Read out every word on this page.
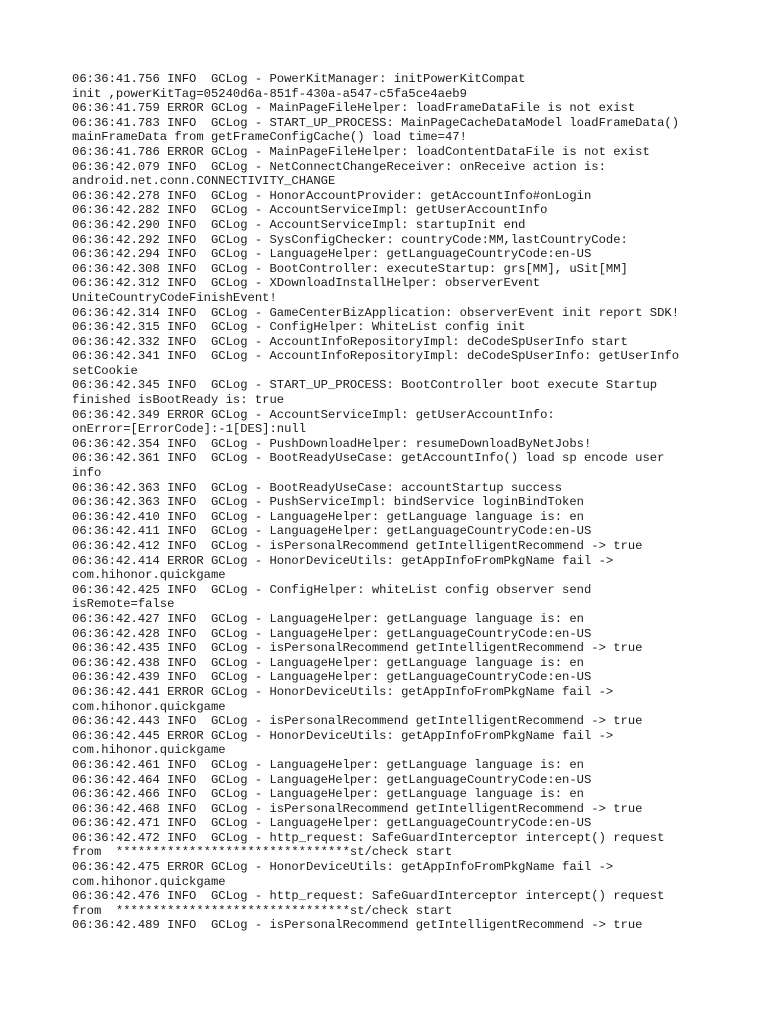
06:36:41.756 INFO  GCLog - PowerKitManager: initPowerKitCompat
init ,powerKitTag=05240d6a-851f-430a-a547-c5fa5ce4aeb9
06:36:41.759 ERROR GCLog - MainPageFileHelper: loadFrameDataFile is not exist
06:36:41.783 INFO  GCLog - START_UP_PROCESS: MainPageCacheDataModel loadFrameData()
mainFrameData from getFrameConfigCache() load time=47!
06:36:41.786 ERROR GCLog - MainPageFileHelper: loadContentDataFile is not exist
06:36:42.079 INFO  GCLog - NetConnectChangeReceiver: onReceive action is:
android.net.conn.CONNECTIVITY_CHANGE
06:36:42.278 INFO  GCLog - HonorAccountProvider: getAccountInfo#onLogin
06:36:42.282 INFO  GCLog - AccountServiceImpl: getUserAccountInfo
06:36:42.290 INFO  GCLog - AccountServiceImpl: startupInit end
06:36:42.292 INFO  GCLog - SysConfigChecker: countryCode:MM,lastCountryCode:
06:36:42.294 INFO  GCLog - LanguageHelper: getLanguageCountryCode:en-US
06:36:42.308 INFO  GCLog - BootController: executeStartup: grs[MM], uSit[MM]
06:36:42.312 INFO  GCLog - XDownloadInstallHelper: observerEvent
UniteCountryCodeFinishEvent!
06:36:42.314 INFO  GCLog - GameCenterBizApplication: observerEvent init report SDK!
06:36:42.315 INFO  GCLog - ConfigHelper: WhiteList config init
06:36:42.332 INFO  GCLog - AccountInfoRepositoryImpl: deCodeSpUserInfo start
06:36:42.341 INFO  GCLog - AccountInfoRepositoryImpl: deCodeSpUserInfo: getUserInfo
setCookie
06:36:42.345 INFO  GCLog - START_UP_PROCESS: BootController boot execute Startup
finished isBootReady is: true
06:36:42.349 ERROR GCLog - AccountServiceImpl: getUserAccountInfo:
onError=[ErrorCode]:-1[DES]:null
06:36:42.354 INFO  GCLog - PushDownloadHelper: resumeDownloadByNetJobs!
06:36:42.361 INFO  GCLog - BootReadyUseCase: getAccountInfo() load sp encode user
info
06:36:42.363 INFO  GCLog - BootReadyUseCase: accountStartup success
06:36:42.363 INFO  GCLog - PushServiceImpl: bindService loginBindToken
06:36:42.410 INFO  GCLog - LanguageHelper: getLanguage language is: en
06:36:42.411 INFO  GCLog - LanguageHelper: getLanguageCountryCode:en-US
06:36:42.412 INFO  GCLog - isPersonalRecommend getIntelligentRecommend -> true
06:36:42.414 ERROR GCLog - HonorDeviceUtils: getAppInfoFromPkgName fail ->
com.hihonor.quickgame
06:36:42.425 INFO  GCLog - ConfigHelper: whiteList config observer send
isRemote=false
06:36:42.427 INFO  GCLog - LanguageHelper: getLanguage language is: en
06:36:42.428 INFO  GCLog - LanguageHelper: getLanguageCountryCode:en-US
06:36:42.435 INFO  GCLog - isPersonalRecommend getIntelligentRecommend -> true
06:36:42.438 INFO  GCLog - LanguageHelper: getLanguage language is: en
06:36:42.439 INFO  GCLog - LanguageHelper: getLanguageCountryCode:en-US
06:36:42.441 ERROR GCLog - HonorDeviceUtils: getAppInfoFromPkgName fail ->
com.hihonor.quickgame
06:36:42.443 INFO  GCLog - isPersonalRecommend getIntelligentRecommend -> true
06:36:42.445 ERROR GCLog - HonorDeviceUtils: getAppInfoFromPkgName fail ->
com.hihonor.quickgame
06:36:42.461 INFO  GCLog - LanguageHelper: getLanguage language is: en
06:36:42.464 INFO  GCLog - LanguageHelper: getLanguageCountryCode:en-US
06:36:42.466 INFO  GCLog - LanguageHelper: getLanguage language is: en
06:36:42.468 INFO  GCLog - isPersonalRecommend getIntelligentRecommend -> true
06:36:42.471 INFO  GCLog - LanguageHelper: getLanguageCountryCode:en-US
06:36:42.472 INFO  GCLog - http_request: SafeGuardInterceptor intercept() request
from  ********************************st/check start
06:36:42.475 ERROR GCLog - HonorDeviceUtils: getAppInfoFromPkgName fail ->
com.hihonor.quickgame
06:36:42.476 INFO  GCLog - http_request: SafeGuardInterceptor intercept() request
from  ********************************st/check start
06:36:42.489 INFO  GCLog - isPersonalRecommend getIntelligentRecommend -> true
